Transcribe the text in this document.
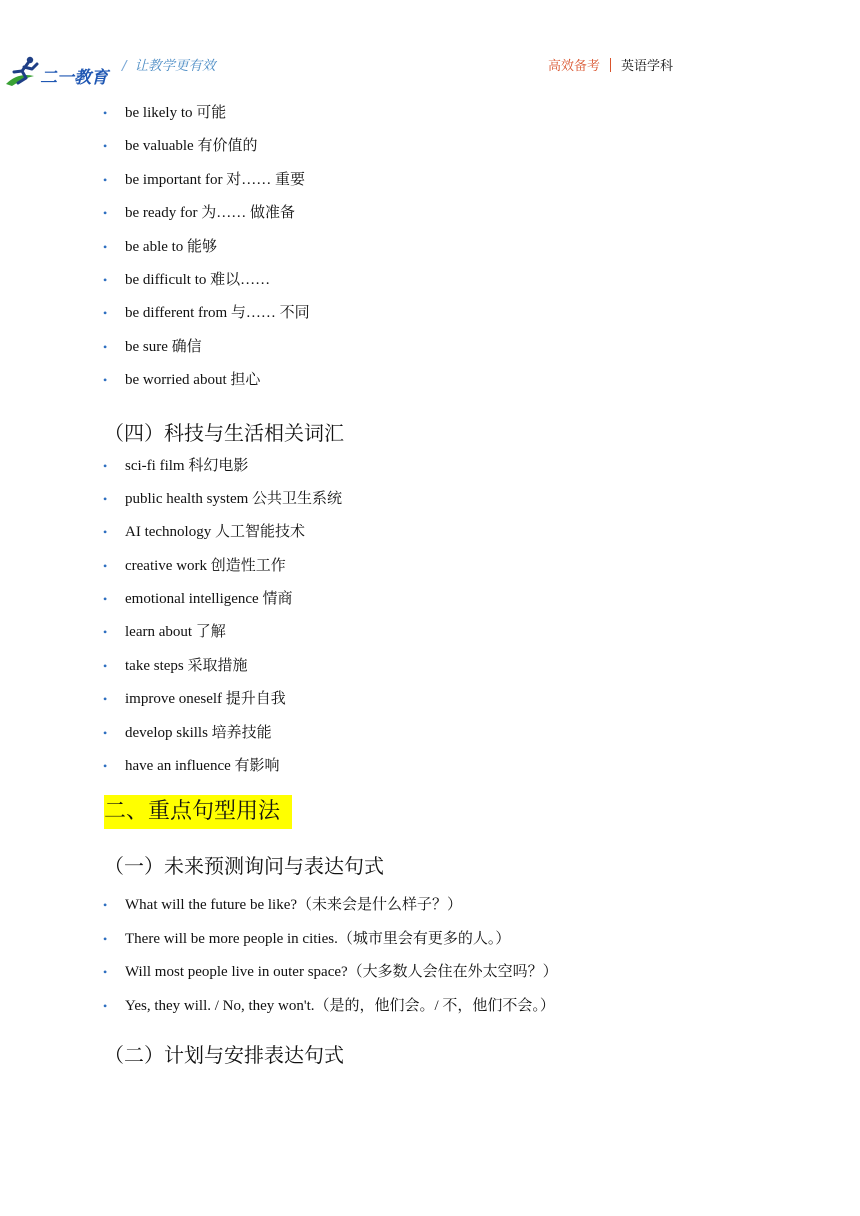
二一教育
/ 让教学更有效	高效备考 英语学科
• be likely to 可能
• be valuable 有价值的
• be important for 对…… 重要
• be ready for 为…… 做准备
• be able to 能够
• be difficult to 难以……
• be different from 与…… 不同
• be sure 确信
• be worried about 担心
（四）科技与生活相关词汇
• sci-fi film 科幻电影
• public health system 公共卫生系统
• AI technology 人工智能技术
• creative work 创造性工作
• emotional intelligence 情商
• learn about 了解
• take steps 采取措施
• improve oneself 提升自我
• develop skills 培养技能
• have an influence 有影响
二、重点句型用法
（一）未来预测询问与表达句式
• What will the future be like?（未来会是什么样子？）
• There will be more people in cities.（城市里会有更多的人。）
• Will most people live in outer space?（大多数人会住在外太空吗？）
• Yes, they will. / No, they won't.（是的，他们会。/ 不，他们不会。）
（二）计划与安排表达句式
